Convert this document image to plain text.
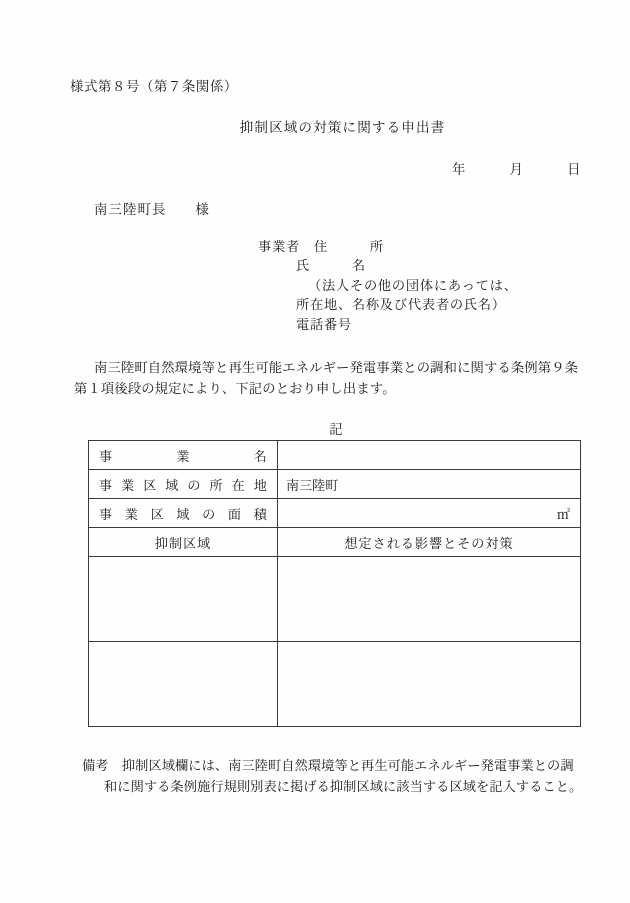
様式第８号（第７条関係）
抑制区域の対策に関する申出書
年　　　月　　　日
南三陸町長　　様
事業者　住　　　所
氏　　　名
（法人その他の団体にあっては、
所在地、名称及び代表者の氏名）
電話番号
南三陸町自然環境等と再生可能エネルギー発電事業との調和に関する条例第９条
第１項後段の規定により、下記のとおり申し出ます。
記
事業名	
事業区域の所在地	南三陸町
事業区域の面積	㎡
抑制区域	想定される影響とその対策

備考　抑制区域欄には、南三陸町自然環境等と再生可能エネルギー発電事業との調
和に関する条例施行規則別表に掲げる抑制区域に該当する区域を記入すること。
